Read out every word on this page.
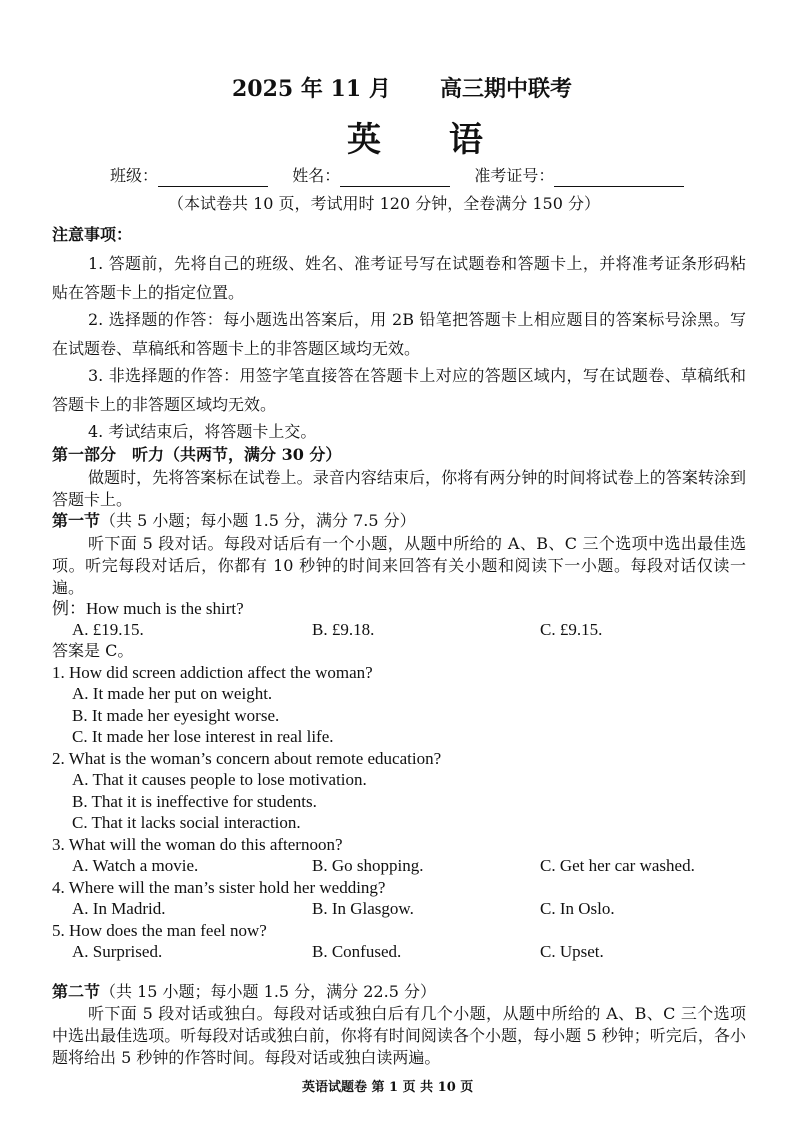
2025 年 11 月 高三期中联考
英 语
班级：	姓名：	准考证号：
（本试卷共 10 页，考试用时 120 分钟，全卷满分 150 分）
注意事项：
1. 答题前，先将自己的班级、姓名、准考证号写在试题卷和答题卡上，并将准考证条形码粘贴在答题卡上的指定位置。
2. 选择题的作答：每小题选出答案后，用 2B 铅笔把答题卡上相应题目的答案标号涂黑。写在试题卷、草稿纸和答题卡上的非答题区域均无效。
3. 非选择题的作答：用签字笔直接答在答题卡上对应的答题区域内，写在试题卷、草稿纸和答题卡上的非答题区域均无效。
4. 考试结束后，将答题卡上交。
第一部分　听力（共两节，满分 30 分）
做题时，先将答案标在试卷上。录音内容结束后，你将有两分钟的时间将试卷上的答案转涂到答题卡上。
第一节（共 5 小题；每小题 1.5 分，满分 7.5 分）
听下面 5 段对话。每段对话后有一个小题，从题中所给的 A、B、C 三个选项中选出最佳选项。听完每段对话后，你都有 10 秒钟的时间来回答有关小题和阅读下一小题。每段对话仅读一遍。
例：How much is the shirt?
A. £19.15.	B. £9.18.	C. £9.15.
答案是 C。
1. How did screen addiction affect the woman?
A. It made her put on weight.
B. It made her eyesight worse.
C. It made her lose interest in real life.
2. What is the woman’s concern about remote education?
A. That it causes people to lose motivation.
B. That it is ineffective for students.
C. That it lacks social interaction.
3. What will the woman do this afternoon?
A. Watch a movie.	B. Go shopping.	C. Get her car washed.
4. Where will the man’s sister hold her wedding?
A. In Madrid.	B. In Glasgow.	C. In Oslo.
5. How does the man feel now?
A. Surprised.	B. Confused.	C. Upset.
第二节（共 15 小题；每小题 1.5 分，满分 22.5 分）
听下面 5 段对话或独白。每段对话或独白后有几个小题，从题中所给的 A、B、C 三个选项中选出最佳选项。听每段对话或独白前，你将有时间阅读各个小题，每小题 5 秒钟；听完后，各小题将给出 5 秒钟的作答时间。每段对话或独白读两遍。
英语试题卷 第 1 页 共 10 页
